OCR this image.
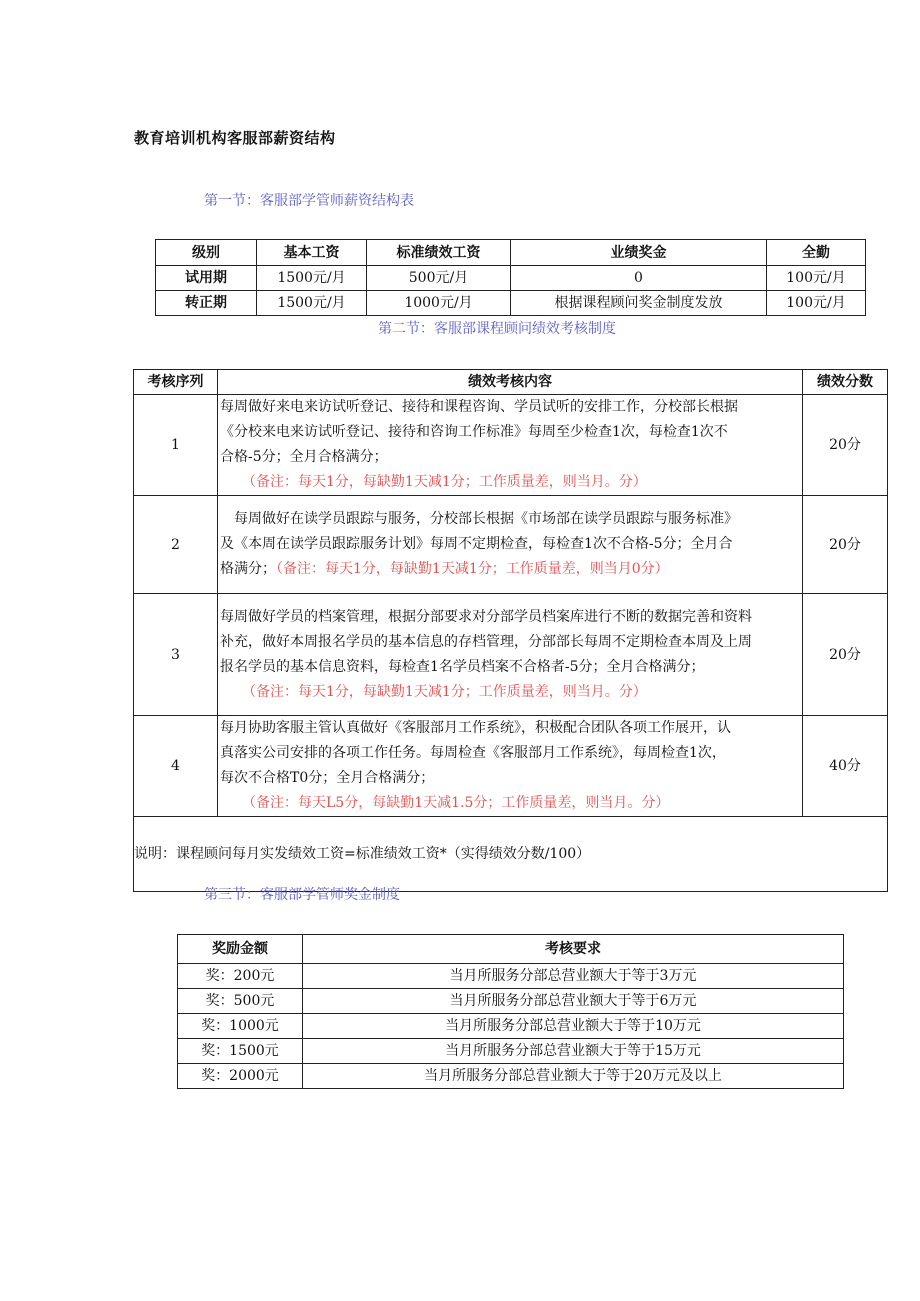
教育培训机构客服部薪资结构
第一节：客服部学管师薪资结构表
级别	基本工资	标准绩效工资	业绩奖金	全勤
试用期	1500元/月	500元/月	0	100元/月
转正期	1500元/月	1000元/月	根据课程顾问奖金制度发放	100元/月
第二节：客服部课程顾问绩效考核制度
考核序列	绩效考核内容	绩效分数
1	每周做好来电来访试听登记、接待和课程咨询、学员试听的安排工作，分校部长根据
《分校来电来访试听登记、接待和咨询工作标准》每周至少检查1次，每检查1次不
合格-5分；全月合格满分；
（备注：每天1分，每缺勤1天减1分；工作质量差，则当月。分）	20分
2	每周做好在读学员跟踪与服务，分校部长根据《市场部在读学员跟踪与服务标准》
及《本周在读学员跟踪服务计划》每周不定期检查，每检查1次不合格-5分；全月合
格满分；（备注：每天1分，每缺勤1天减1分；工作质量差，则当月0分）	20分
3	每周做好学员的档案管理，根据分部要求对分部学员档案库进行不断的数据完善和资料
补充，做好本周报名学员的基本信息的存档管理，分部部长每周不定期检查本周及上周
报名学员的基本信息资料，每检查1名学员档案不合格者-5分；全月合格满分；
（备注：每天1分，每缺勤1天减1分；工作质量差，则当月。分）	20分
4	每月协助客服主管认真做好《客服部月工作系统》，积极配合团队各项工作展开，认
真落实公司安排的各项工作任务。每周检查《客服部月工作系统》，每周检查1次，
每次不合格T0分；全月合格满分；
（备注：每天L5分，每缺勤1天减1.5分；工作质量差，则当月。分）	40分
说明：课程顾问每月实发绩效工资=标准绩效工资*（实得绩效分数/100）		
第三节：客服部学管师奖金制度
奖励金额	考核要求
奖：200元	当月所服务分部总营业额大于等于3万元
奖：500元	当月所服务分部总营业额大于等于6万元
奖：1000元	当月所服务分部总营业额大于等于10万元
奖：1500元	当月所服务分部总营业额大于等于15万元
奖：2000元	当月所服务分部总营业额大于等于20万元及以上
